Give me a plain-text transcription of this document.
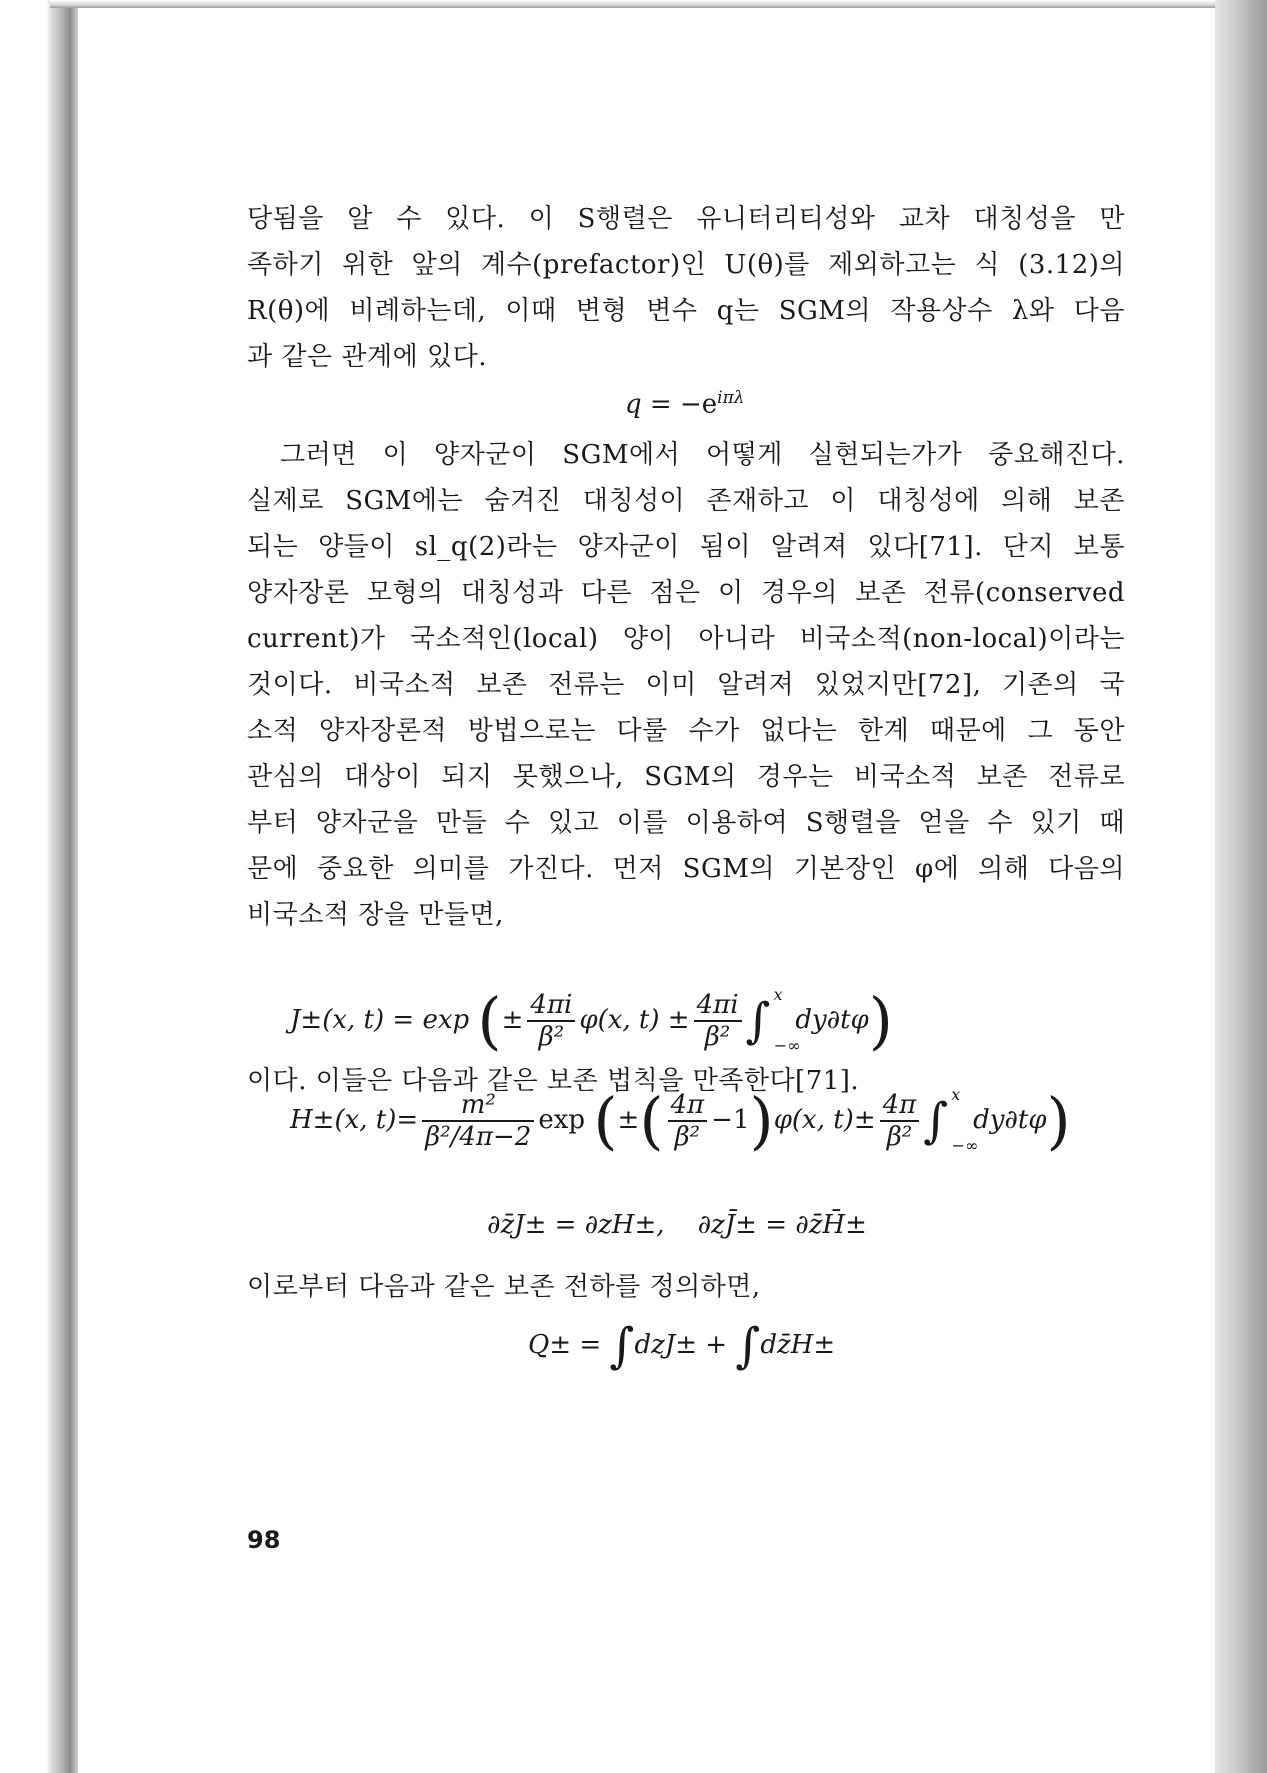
당됨을 알 수 있다. 이 S행렬은 유니터리티성와 교차 대칭성을 만
족하기 위한 앞의 계수(prefactor)인 U(θ)를 제외하고는 식 (3.12)의
R(θ)에 비례하는데, 이때 변형 변수 q는 SGM의 작용상수 λ와 다음
과 같은 관계에 있다.
$q = -e^{i\pi\lambda}$
그러면 이 양자군이 SGM에서 어떻게 실현되는가가 중요해진다.
실제로 SGM에는 숨겨진 대칭성이 존재하고 이 대칭성에 의해 보존
되는 양들이 sl_q(2)라는 양자군이 됨이 알려져 있다[71]. 단지 보통
양자장론 모형의 대칭성과 다른 점은 이 경우의 보존 전류(conserved
current)가 국소적인(local) 양이 아니라 비국소적(non-local)이라는
것이다. 비국소적 보존 전류는 이미 알려져 있었지만[72], 기존의 국
소적 양자장론적 방법으로는 다룰 수가 없다는 한계 때문에 그 동안
관심의 대상이 되지 못했으나, SGM의 경우는 비국소적 보존 전류로
부터 양자군을 만들 수 있고 이를 이용하여 S행렬을 얻을 수 있기 때
문에 중요한 의미를 가진다. 먼저 SGM의 기본장인 φ에 의해 다음의
비국소적 장을 만들면,
J±(x, t) = exp (± $\frac{4\pi i}{\text{β²}} \varphi(x$, $t) \pm \frac{4\pi i}{\text{β²}}$ ∫ x
−∞
dy∂tφ)
H±(x, $t)= \frac{\text{m²}}{\text{β²/4π−2}}$ exp (±( $\frac{4\pi}{\text{β²}} -1)\varphi(x$, $t)\pm \frac{4\pi}{\text{β²}}$ ∫ x
−∞
dy∂tφ)
이다. 이들은 다음과 같은 보존 법칙을 만족한다[71].
∂z̄J± = ∂zH±, ∂zJ̄± = ∂z̄H̄±
이로부터 다음과 같은 보존 전하를 정의하면,
Q± = ∫dzJ± + ∫dz̄H±
98
